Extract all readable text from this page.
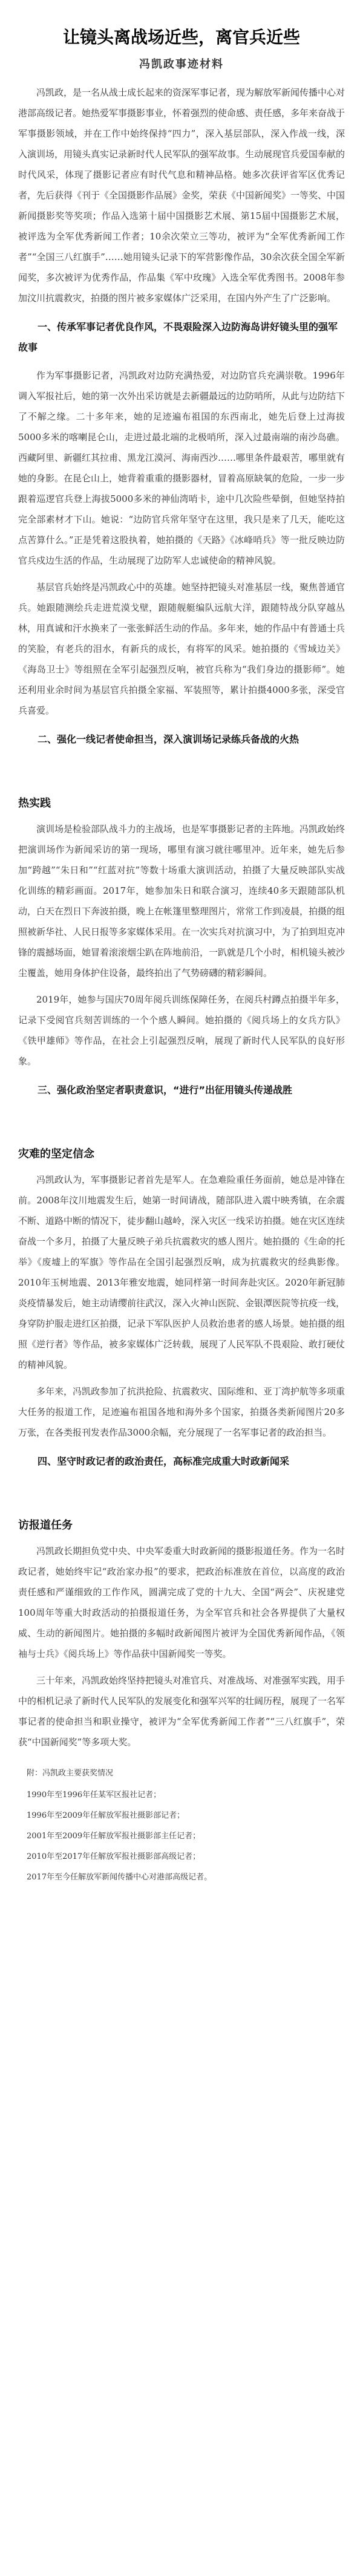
让镜头离战场近些，离官兵近些
冯凯政事迹材料

冯凯政，是一名从战士成长起来的资深军事记者，现为解放军新闻传播中心对港部高级记者。她热爱军事摄影事业，怀着强烈的使命感、责任感，多年来奋战于军事摄影领域，并在工作中始终保持“四力”，深入基层部队，深入作战一线，深入演训场，用镜头真实记录新时代人民军队的强军故事。生动展现官兵爱国奉献的时代风采，体现了摄影记者应有时代气息和精神品格。她多次获评省军区优秀记者，先后获得《刊于《全国摄影作品展》金奖，荣获《中国新闻奖》一等奖、中国新闻摄影奖等奖项；作品入选第十届中国摄影艺术展、第15届中国摄影艺术展，被评选为全军优秀新闻工作者；10余次荣立三等功，被评为“全军优秀新闻工作者”“全国三八红旗手”……她用镜头记录下的军营影像作品，30余次获全国全军新闻奖，多次被评为优秀作品，作品集《军中玫瑰》入选全军优秀图书。2008年参加汶川抗震救灾，拍摄的图片被多家媒体广泛采用，在国内外产生了广泛影响。

一、传承军事记者优良作风，不畏艰险深入边防海岛讲好镜头里的强军故事

作为军事摄影记者，冯凯政对边防充满热爱，对边防官兵充满崇敬。1996年调入军报社后，她的第一次外出采访就是去新疆最远的边防哨所，从此与边防结下了不解之缘。二十多年来，她的足迹遍布祖国的东西南北，她先后登上过海拔5000多米的喀喇昆仑山，走进过最北端的北极哨所，深入过最南端的南沙岛礁。西藏阿里、新疆红其拉甫、黑龙江漠河、海南西沙……哪里条件最艰苦，哪里就有她的身影。在昆仑山上，她背着重重的摄影器材，冒着高原缺氧的危险，一步一步跟着巡逻官兵登上海拔5000多米的神仙湾哨卡，途中几次险些晕倒，但她坚持拍完全部素材才下山。她说：“边防官兵常年坚守在这里，我只是来了几天，能吃这点苦算什么。”正是凭着这股执着，她拍摄的《天路》《冰峰哨兵》等一批反映边防官兵戍边生活的作品，生动展现了边防军人忠诚使命的精神风貌。

基层官兵始终是冯凯政心中的英雄。她坚持把镜头对准基层一线，聚焦普通官兵。她跟随测绘兵走进荒漠戈壁，跟随舰艇编队远航大洋，跟随特战分队穿越丛林，用真诚和汗水换来了一张张鲜活生动的作品。多年来，她的作品中有普通士兵的笑脸，有老兵的泪水，有新兵的成长，有将军的风采。她拍摄的《雪域边关》《海岛卫士》等组照在全军引起强烈反响，被官兵称为“我们身边的摄影师”。她还利用业余时间为基层官兵拍摄全家福、军装照等，累计拍摄4000多张，深受官兵喜爱。

二、强化一线记者使命担当，深入演训场记录练兵备战的火热
热实践

演训场是检验部队战斗力的主战场，也是军事摄影记者的主阵地。冯凯政始终把演训场作为新闻采访的第一现场，哪里有演习就往哪里冲。近年来，她先后参加“跨越”“朱日和”“红蓝对抗”等数十场重大演训活动，拍摄了大量反映部队实战化训练的精彩画面。2017年，她参加朱日和联合演习，连续40多天跟随部队机动，白天在烈日下奔波拍摄，晚上在帐篷里整理图片，常常工作到凌晨，拍摄的组照被新华社、人民日报等多家媒体采用。在一次实兵对抗演习中，为了拍到坦克冲锋的震撼场面，她冒着滚滚烟尘趴在阵地前沿，一趴就是几个小时，相机镜头被沙尘覆盖，她用身体护住设备，最终拍出了气势磅礴的精彩瞬间。

2019年，她参与国庆70周年阅兵训练保障任务，在阅兵村蹲点拍摄半年多，记录下受阅官兵刻苦训练的一个个感人瞬间。她拍摄的《阅兵场上的女兵方队》《铁甲雄师》等作品，在社会上引起强烈反响，展现了新时代人民军队的良好形象。

三、强化政治坚定者职责意识，“进行”出征用镜头传递战胜
灾难的坚定信念

冯凯政认为，军事摄影记者首先是军人。在急难险重任务面前，她总是冲锋在前。2008年汶川地震发生后，她第一时间请战，随部队进入震中映秀镇，在余震不断、道路中断的情况下，徒步翻山越岭，深入灾区一线采访拍摄。她在灾区连续奋战一个多月，拍摄了大量反映子弟兵抗震救灾的感人图片。她拍摄的《生命的托举》《废墟上的军旗》等作品在全国引起强烈反响，成为抗震救灾的经典影像。2010年玉树地震、2013年雅安地震，她同样第一时间奔赴灾区。2020年新冠肺炎疫情暴发后，她主动请缨前往武汉，深入火神山医院、金银潭医院等抗疫一线，身穿防护服走进红区拍摄，记录下军队医护人员救治患者的感人场景。她拍摄的组照《逆行者》等作品，被多家媒体广泛转载，展现了人民军队不畏艰险、敢打硬仗的精神风貌。

多年来，冯凯政参加了抗洪抢险、抗震救灾、国际维和、亚丁湾护航等多项重大任务的报道工作，足迹遍布祖国各地和海外多个国家，拍摄各类新闻图片20多万张，在各类报刊发表作品3000余幅，充分展现了一名军事记者的政治担当。

四、坚守时政记者的政治责任，高标准完成重大时政新闻采
访报道任务

冯凯政长期担负党中央、中央军委重大时政新闻的摄影报道任务。作为一名时政记者，她始终牢记“政治家办报”的要求，把政治标准放在首位，以高度的政治责任感和严谨细致的工作作风，圆满完成了党的十九大、全国“两会”、庆祝建党100周年等重大时政活动的拍摄报道任务，为全军官兵和社会各界提供了大量权威、生动的新闻图片。她拍摄的多幅时政新闻图片被评为全国优秀新闻作品，《领袖与士兵》《阅兵场上》等作品获中国新闻奖一等奖。

三十年来，冯凯政始终坚持把镜头对准官兵、对准战场、对准强军实践，用手中的相机记录了新时代人民军队的发展变化和强军兴军的壮阔历程，展现了一名军事记者的使命担当和职业操守，被评为“全军优秀新闻工作者”“三八红旗手”，荣获“中国新闻奖”等多项大奖。

附：冯凯政主要获奖情况
1990年至1996年任某军区报社记者；
1996年至2009年任解放军报社摄影部记者；
2001年至2009年任解放军报社摄影部主任记者；
2010年至2017年任解放军报社摄影部高级记者；
2017年至今任解放军新闻传播中心对港部高级记者。
